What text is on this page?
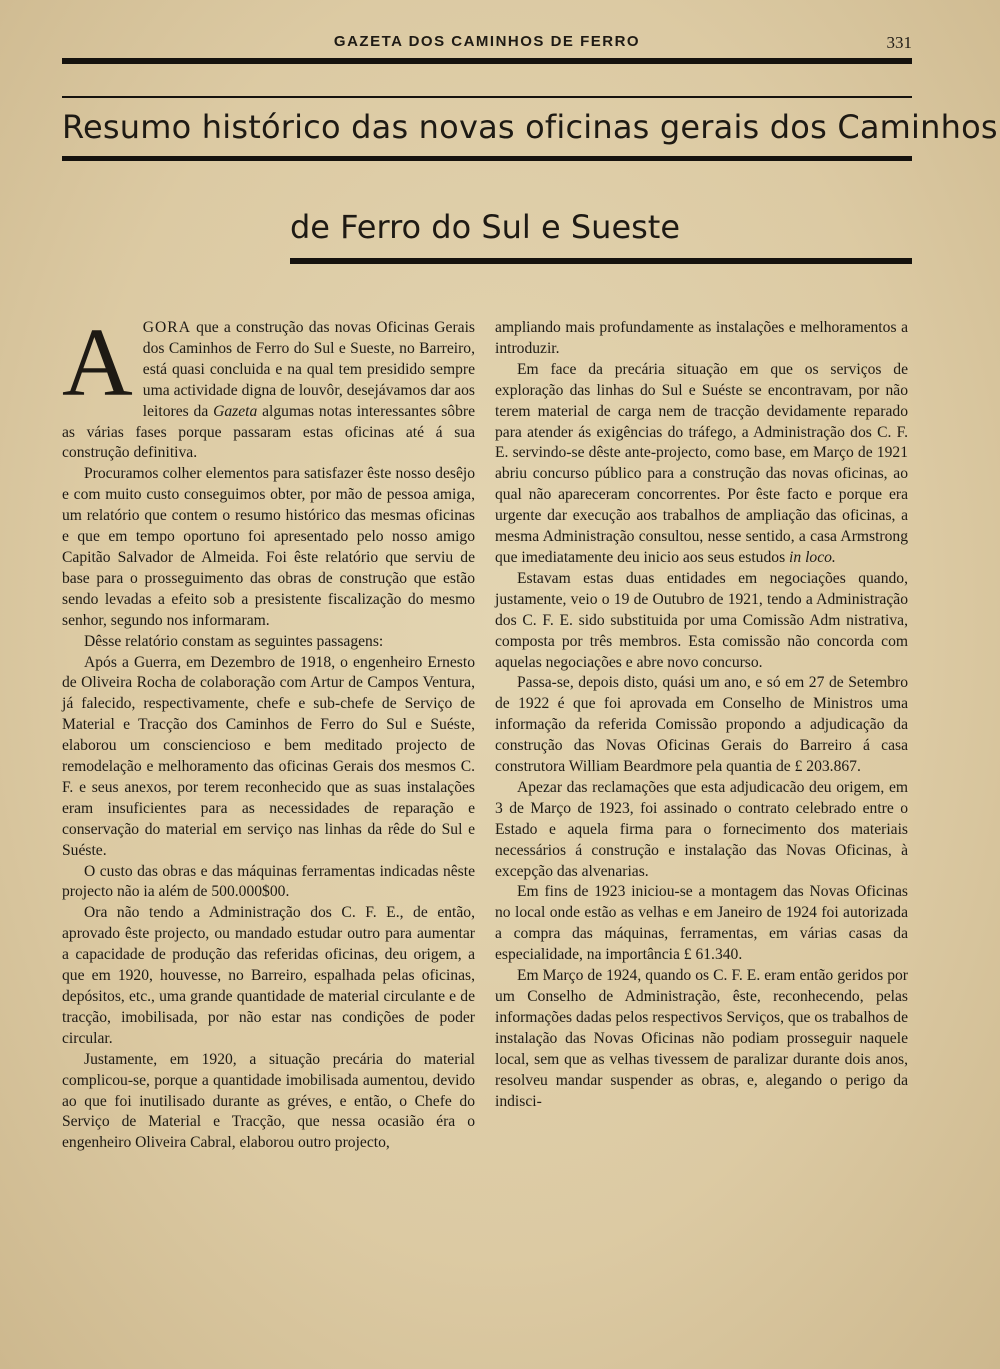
GAZETA DOS CAMINHOS DE FERRO	331
Resumo histórico das novas oficinas gerais dos Caminhos
de Ferro do Sul e Sueste

AGORA que a construção das novas Oficinas Gerais dos Caminhos de Ferro do Sul e Sueste, no Barreiro, está quasi concluida e na qual tem presidido sempre uma actividade digna de louvôr, desejávamos dar aos leitores da Gazeta algumas notas interessantes sôbre as várias fases porque passaram estas oficinas até á sua construção definitiva.

Procuramos colher elementos para satisfazer êste nosso desêjo e com muito custo conseguimos obter, por mão de pessoa amiga, um relatório que contem o resumo histórico das mesmas oficinas e que em tempo oportuno foi apresentado pelo nosso amigo Capitão Salvador de Almeida. Foi êste relatório que serviu de base para o prosseguimento das obras de construção que estão sendo levadas a efeito sob a presistente fiscalização do mesmo senhor, segundo nos informaram.

Dêsse relatório constam as seguintes passagens:

Após a Guerra, em Dezembro de 1918, o engenheiro Ernesto de Oliveira Rocha de colaboração com Artur de Campos Ventura, já falecido, respectivamente, chefe e sub-chefe de Serviço de Material e Tracção dos Caminhos de Ferro do Sul e Suéste, elaborou um consciencioso e bem meditado projecto de remodelação e melhoramento das oficinas Gerais dos mesmos C. F. e seus anexos, por terem reconhecido que as suas instalações eram insuficientes para as necessidades de reparação e conservação do material em serviço nas linhas da rêde do Sul e Suéste.

O custo das obras e das máquinas ferramentas indicadas nêste projecto não ia além de 500.000$00.

Ora não tendo a Administração dos C. F. E., de então, aprovado êste projecto, ou mandado estudar outro para aumentar a capacidade de produção das referidas oficinas, deu origem, a que em 1920, houvesse, no Barreiro, espalhada pelas oficinas, depósitos, etc., uma grande quantidade de material circulante e de tracção, imobilisada, por não estar nas condições de poder circular.

Justamente, em 1920, a situação precária do material complicou-se, porque a quantidade imobilisada aumentou, devido ao que foi inutilisado durante as gréves, e então, o Chefe do Serviço de Material e Tracção, que nessa ocasião éra o engenheiro Oliveira Cabral, elaborou outro projecto,

ampliando mais profundamente as instalações e melhoramentos a introduzir.

Em face da precária situação em que os serviços de exploração das linhas do Sul e Suéste se encontravam, por não terem material de carga nem de tracção devidamente reparado para atender ás exigências do tráfego, a Administração dos C. F. E. servindo-se dêste ante-projecto, como base, em Março de 1921 abriu concurso público para a construção das novas oficinas, ao qual não apareceram concorrentes. Por êste facto e porque era urgente dar execução aos trabalhos de ampliação das oficinas, a mesma Administração consultou, nesse sentido, a casa Armstrong que imediatamente deu inicio aos seus estudos in loco.

Estavam estas duas entidades em negociações quando, justamente, veio o 19 de Outubro de 1921, tendo a Administração dos C. F. E. sido substituida por uma Comissão Adm nistrativa, composta por três membros. Esta comissão não concorda com aquelas negociações e abre novo concurso.

Passa-se, depois disto, quási um ano, e só em 27 de Setembro de 1922 é que foi aprovada em Conselho de Ministros uma informação da referida Comissão propondo a adjudicação da construção das Novas Oficinas Gerais do Barreiro á casa construtora William Beardmore pela quantia de £ 203.867.

Apezar das reclamações que esta adjudicacão deu origem, em 3 de Março de 1923, foi assinado o contrato celebrado entre o Estado e aquela firma para o fornecimento dos materiais necessários á construção e instalação das Novas Oficinas, à excepção das alvenarias.

Em fins de 1923 iniciou-se a montagem das Novas Oficinas no local onde estão as velhas e em Janeiro de 1924 foi autorizada a compra das máquinas, ferramentas, em várias casas da especialidade, na importância £ 61.340.

Em Março de 1924, quando os C. F. E. eram então geridos por um Conselho de Administração, êste, reconhecendo, pelas informações dadas pelos respectivos Serviços, que os trabalhos de instalação das Novas Oficinas não podiam prosseguir naquele local, sem que as velhas tivessem de paralizar durante dois anos, resolveu mandar suspender as obras, e, alegando o perigo da indisci-
